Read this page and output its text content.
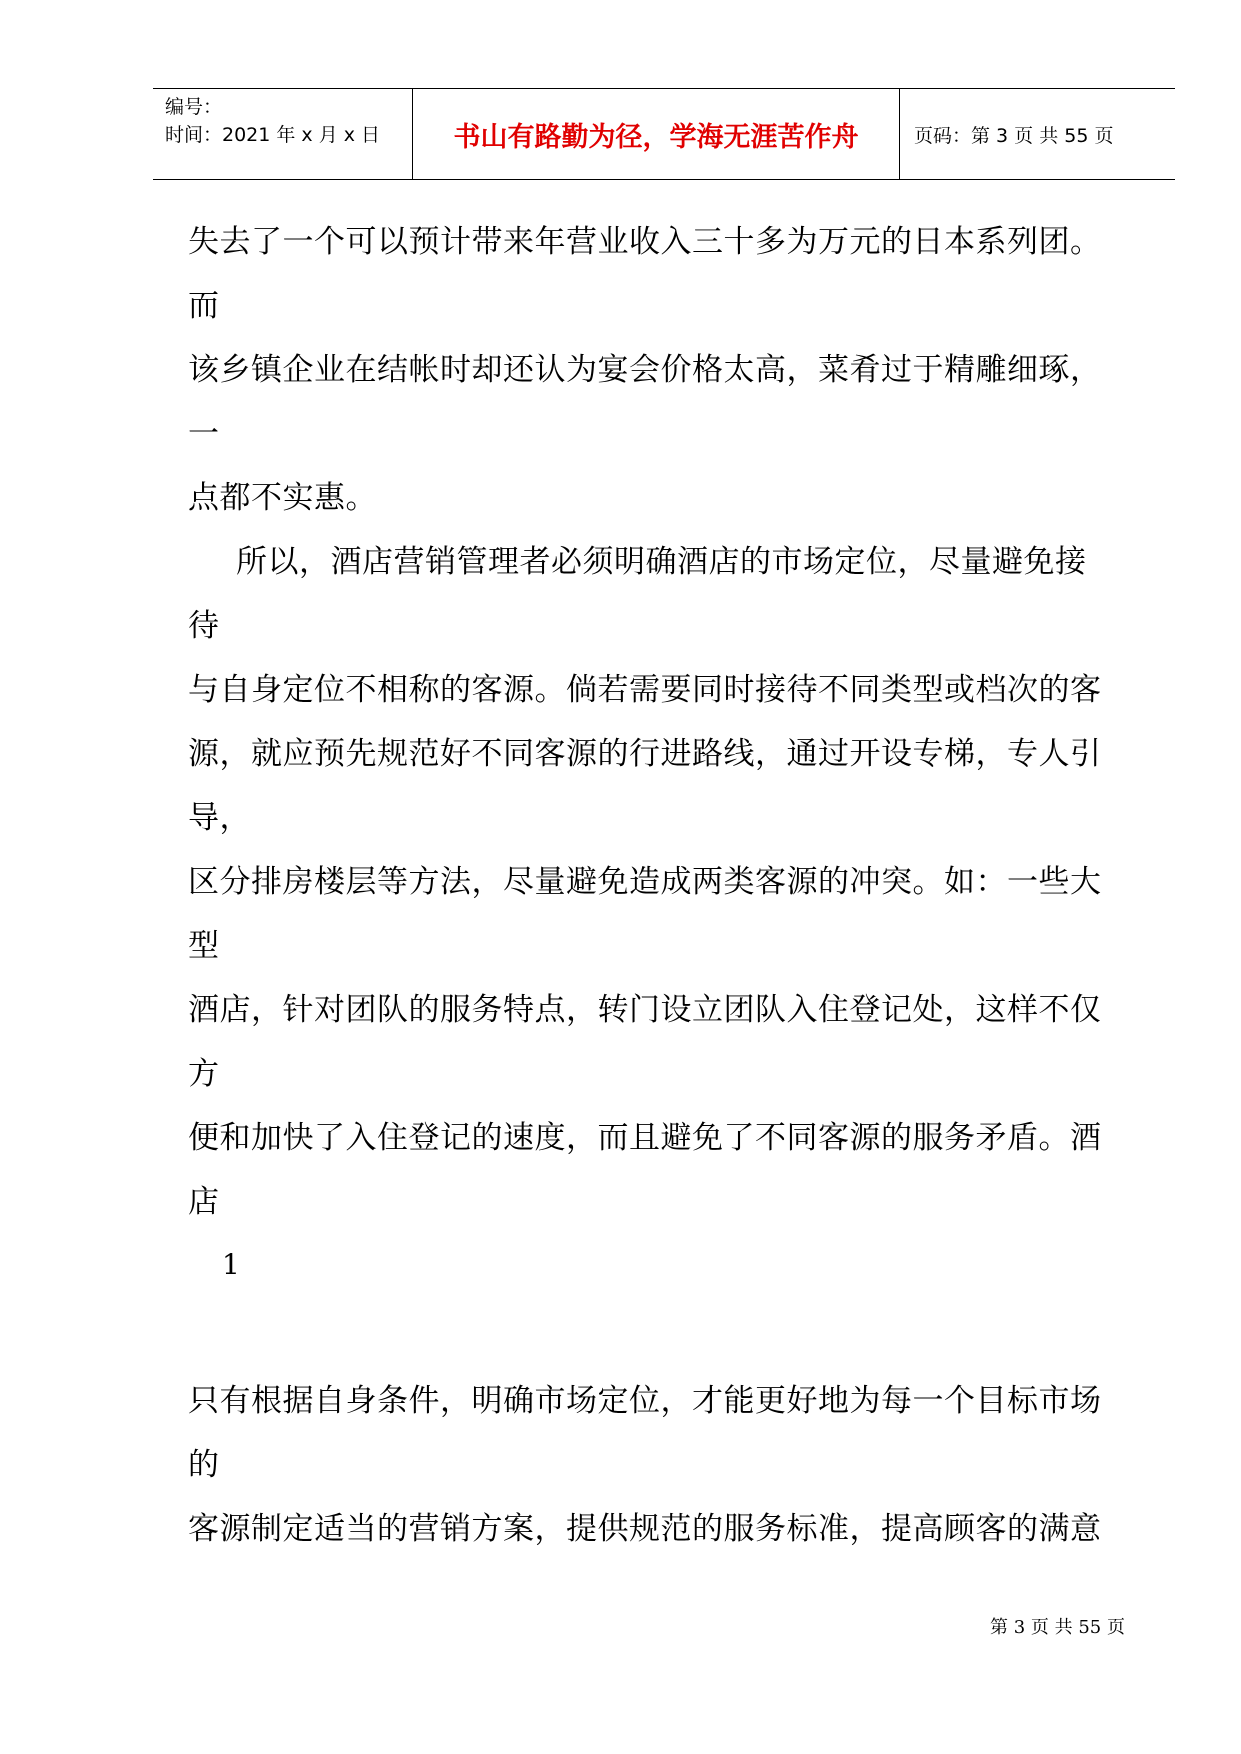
编号：
时间：2021 年 x 月 x 日	书山有路勤为径，学海无涯苦作舟	页码：第 3 页 共 55 页
失去了一个可以预计带来年营业收入三十多为万元的日本系列团。
而
该乡镇企业在结帐时却还认为宴会价格太高，菜肴过于精雕细琢，
一
点都不实惠。
所以，酒店营销管理者必须明确酒店的市场定位，尽量避免接
待
与自身定位不相称的客源。倘若需要同时接待不同类型或档次的客
源，就应预先规范好不同客源的行进路线，通过开设专梯，专人引
导，
区分排房楼层等方法，尽量避免造成两类客源的冲突。如：一些大
型
酒店，针对团队的服务特点，转门设立团队入住登记处，这样不仅
方
便和加快了入住登记的速度，而且避免了不同客源的服务矛盾。酒
店
1
只有根据自身条件，明确市场定位，才能更好地为每一个目标市场
的
客源制定适当的营销方案，提供规范的服务标准，提高顾客的满意
第 3 页 共 55 页
